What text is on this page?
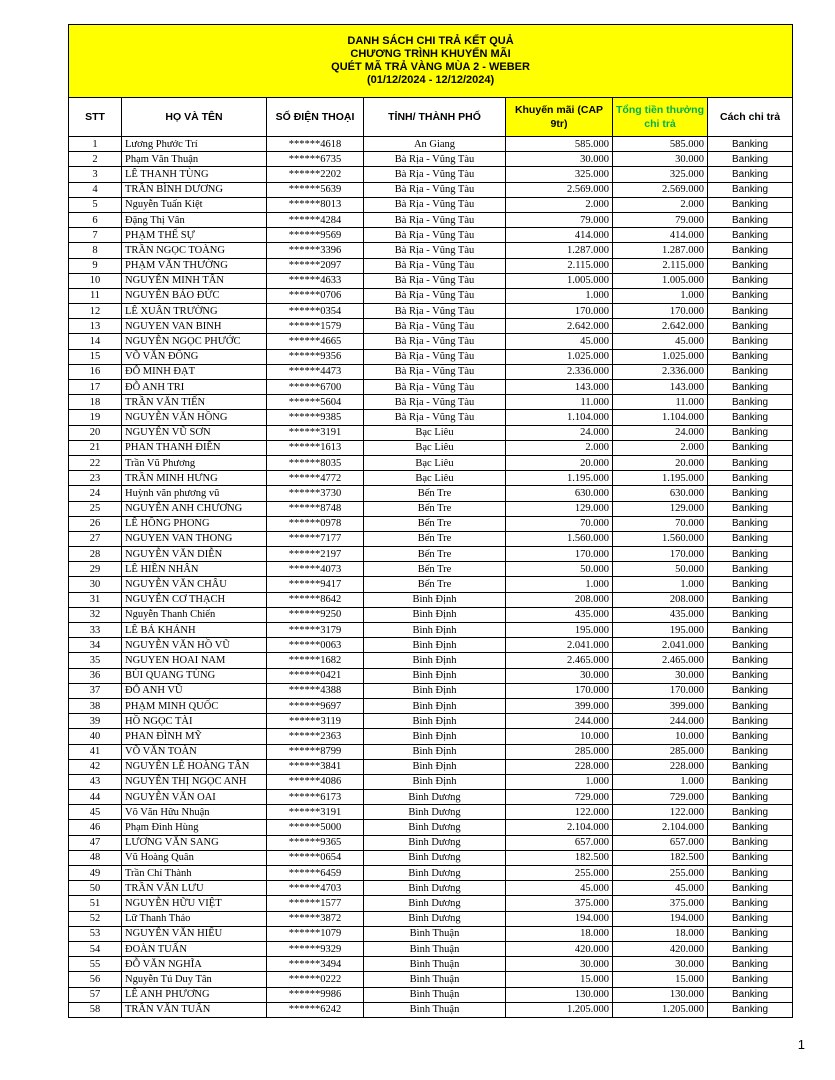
DANH SÁCH CHI TRẢ KẾT QUẢ
CHƯƠNG TRÌNH KHUYẾN MÃI
QUÉT MÃ TRẢ VÀNG MÙA 2 - WEBER
(01/12/2024 - 12/12/2024)						

STT	HỌ VÀ TÊN	SỐ ĐIỆN THOẠI	TỈNH/ THÀNH PHỐ	Khuyến mãi (CAP 9tr)	Tổng tiền thưởng chi trả	Cách chi trả
1	Lương Phước Trí	******4618	An Giang	585.000	585.000	Banking
2	Phạm Văn Thuận	******6735	Bà Rịa - Vũng Tàu	30.000	30.000	Banking
3	LÊ THANH TÙNG	******2202	Bà Rịa - Vũng Tàu	325.000	325.000	Banking
4	TRẦN BÌNH DƯƠNG	******5639	Bà Rịa - Vũng Tàu	2.569.000	2.569.000	Banking
5	Nguyễn Tuấn Kiệt	******8013	Bà Rịa - Vũng Tàu	2.000	2.000	Banking
6	Đặng Thị Vân	******4284	Bà Rịa - Vũng Tàu	79.000	79.000	Banking
7	PHẠM THẾ SỰ	******9569	Bà Rịa - Vũng Tàu	414.000	414.000	Banking
8	TRẦN NGỌC TOÀNG	******3396	Bà Rịa - Vũng Tàu	1.287.000	1.287.000	Banking
9	PHẠM VĂN THƯỜNG	******2097	Bà Rịa - Vũng Tàu	2.115.000	2.115.000	Banking
10	NGUYỄN MINH TÂN	******4633	Bà Rịa - Vũng Tàu	1.005.000	1.005.000	Banking
11	NGUYỄN BẢO ĐỨC	******0706	Bà Rịa - Vũng Tàu	1.000	1.000	Banking
12	LÊ XUÂN TRƯỜNG	******0354	Bà Rịa - Vũng Tàu	170.000	170.000	Banking
13	NGUYEN VAN BINH	******1579	Bà Rịa - Vũng Tàu	2.642.000	2.642.000	Banking
14	NGUYỄN NGỌC PHƯỚC	******4665	Bà Rịa - Vũng Tàu	45.000	45.000	Banking
15	VÕ VĂN ĐÔNG	******9356	Bà Rịa - Vũng Tàu	1.025.000	1.025.000	Banking
16	ĐỖ MINH ĐẠT	******4473	Bà Rịa - Vũng Tàu	2.336.000	2.336.000	Banking
17	ĐỖ ANH TRI	******6700	Bà Rịa - Vũng Tàu	143.000	143.000	Banking
18	TRẦN VĂN TIẾN	******5604	Bà Rịa - Vũng Tàu	11.000	11.000	Banking
19	NGUYỄN VĂN HỒNG	******9385	Bà Rịa - Vũng Tàu	1.104.000	1.104.000	Banking
20	NGUYỄN VŨ SƠN	******3191	Bạc Liêu	24.000	24.000	Banking
21	PHAN THANH ĐIỀN	******1613	Bạc Liêu	2.000	2.000	Banking
22	Trần Vũ Phương	******8035	Bạc Liêu	20.000	20.000	Banking
23	TRẦN MINH HƯNG	******4772	Bạc Liêu	1.195.000	1.195.000	Banking
24	Huỳnh văn phương vũ	******3730	Bến Tre	630.000	630.000	Banking
25	NGUYỄN ANH CHƯƠNG	******8748	Bến Tre	129.000	129.000	Banking
26	LÊ HỒNG PHONG	******0978	Bến Tre	70.000	70.000	Banking
27	NGUYEN VAN THONG	******7177	Bến Tre	1.560.000	1.560.000	Banking
28	NGUYỄN VĂN DIỄN	******2197	Bến Tre	170.000	170.000	Banking
29	LÊ HIỀN NHÂN	******4073	Bến Tre	50.000	50.000	Banking
30	NGUYỄN VĂN CHÂU	******9417	Bến Tre	1.000	1.000	Banking
31	NGUYỄN CƠ THẠCH	******8642	Bình Định	208.000	208.000	Banking
32	Nguyễn Thanh Chiến	******9250	Bình Định	435.000	435.000	Banking
33	LÊ BÁ KHÁNH	******3179	Bình Định	195.000	195.000	Banking
34	NGUYỄN VĂN HỒ VŨ	******0063	Bình Định	2.041.000	2.041.000	Banking
35	NGUYEN HOAI NAM	******1682	Bình Định	2.465.000	2.465.000	Banking
36	BÙI QUANG TÙNG	******0421	Bình Định	30.000	30.000	Banking
37	ĐỖ ANH VŨ	******4388	Bình Định	170.000	170.000	Banking
38	PHẠM MINH QUỐC	******9697	Bình Định	399.000	399.000	Banking
39	HỒ NGỌC TÀI	******3119	Bình Định	244.000	244.000	Banking
40	PHAN ĐÌNH MỸ	******2363	Bình Định	10.000	10.000	Banking
41	VÕ VĂN TOÀN	******8799	Bình Định	285.000	285.000	Banking
42	NGUYỄN LÊ HOÀNG TÂN	******3841	Bình Định	228.000	228.000	Banking
43	NGUYỄN THỊ NGỌC ANH	******4086	Bình Định	1.000	1.000	Banking
44	NGUYỄN VĂN OAI	******6173	Bình Dương	729.000	729.000	Banking
45	Võ Văn Hữu Nhuận	******3191	Bình Dương	122.000	122.000	Banking
46	Phạm Đình Hùng	******5000	Bình Dương	2.104.000	2.104.000	Banking
47	LƯƠNG VĂN SANG	******9365	Bình Dương	657.000	657.000	Banking
48	Vũ Hoàng Quân	******0654	Bình Dương	182.500	182.500	Banking
49	Trần Chí Thành	******6459	Bình Dương	255.000	255.000	Banking
50	TRẦN VĂN LƯU	******4703	Bình Dương	45.000	45.000	Banking
51	NGUYỄN HỮU VIỆT	******1577	Bình Dương	375.000	375.000	Banking
52	Lữ Thanh Thảo	******3872	Bình Dương	194.000	194.000	Banking
53	NGUYỄN VĂN HIẾU	******1079	Bình Thuận	18.000	18.000	Banking
54	ĐOÀN TUẤN	******9329	Bình Thuận	420.000	420.000	Banking
55	ĐỖ VĂN NGHĨA	******3494	Bình Thuận	30.000	30.000	Banking
56	Nguyễn Tú Duy Tân	******0222	Bình Thuận	15.000	15.000	Banking
57	LÊ ANH PHƯƠNG	******9986	Bình Thuận	130.000	130.000	Banking
58	TRẦN VĂN TUẤN	******6242	Bình Thuận	1.205.000	1.205.000	Banking
1
